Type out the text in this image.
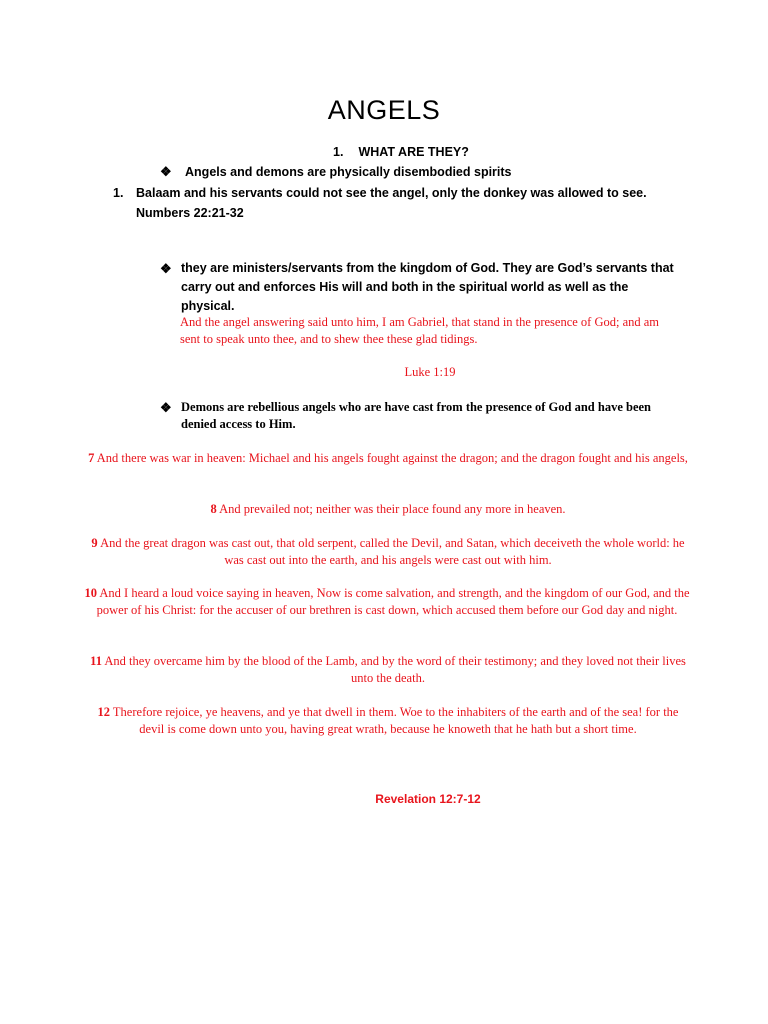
ANGELS
1. WHAT ARE THEY?
❖ Angels and demons are physically disembodied spirits
1. Balaam and his servants could not see the angel, only the donkey was allowed to see. Numbers 22:21-32
❖ they are ministers/servants from the kingdom of God. They are God’s servants that carry out and enforces His will and both in the spiritual world as well as the physical.
And the angel answering said unto him, I am Gabriel, that stand in the presence of God; and am sent to speak unto thee, and to shew thee these glad tidings.
Luke 1:19
❖ Demons are rebellious angels who are have cast from the presence of God and have been denied access to Him.
7 And there was war in heaven: Michael and his angels fought against the dragon; and the dragon fought and his angels,
8 And prevailed not; neither was their place found any more in heaven.
9 And the great dragon was cast out, that old serpent, called the Devil, and Satan, which deceiveth the whole world: he was cast out into the earth, and his angels were cast out with him.
10 And I heard a loud voice saying in heaven, Now is come salvation, and strength, and the kingdom of our God, and the power of his Christ: for the accuser of our brethren is cast down, which accused them before our God day and night.
11 And they overcame him by the blood of the Lamb, and by the word of their testimony; and they loved not their lives unto the death.
12 Therefore rejoice, ye heavens, and ye that dwell in them. Woe to the inhabiters of the earth and of the sea! for the devil is come down unto you, having great wrath, because he knoweth that he hath but a short time.
Revelation 12:7-12
